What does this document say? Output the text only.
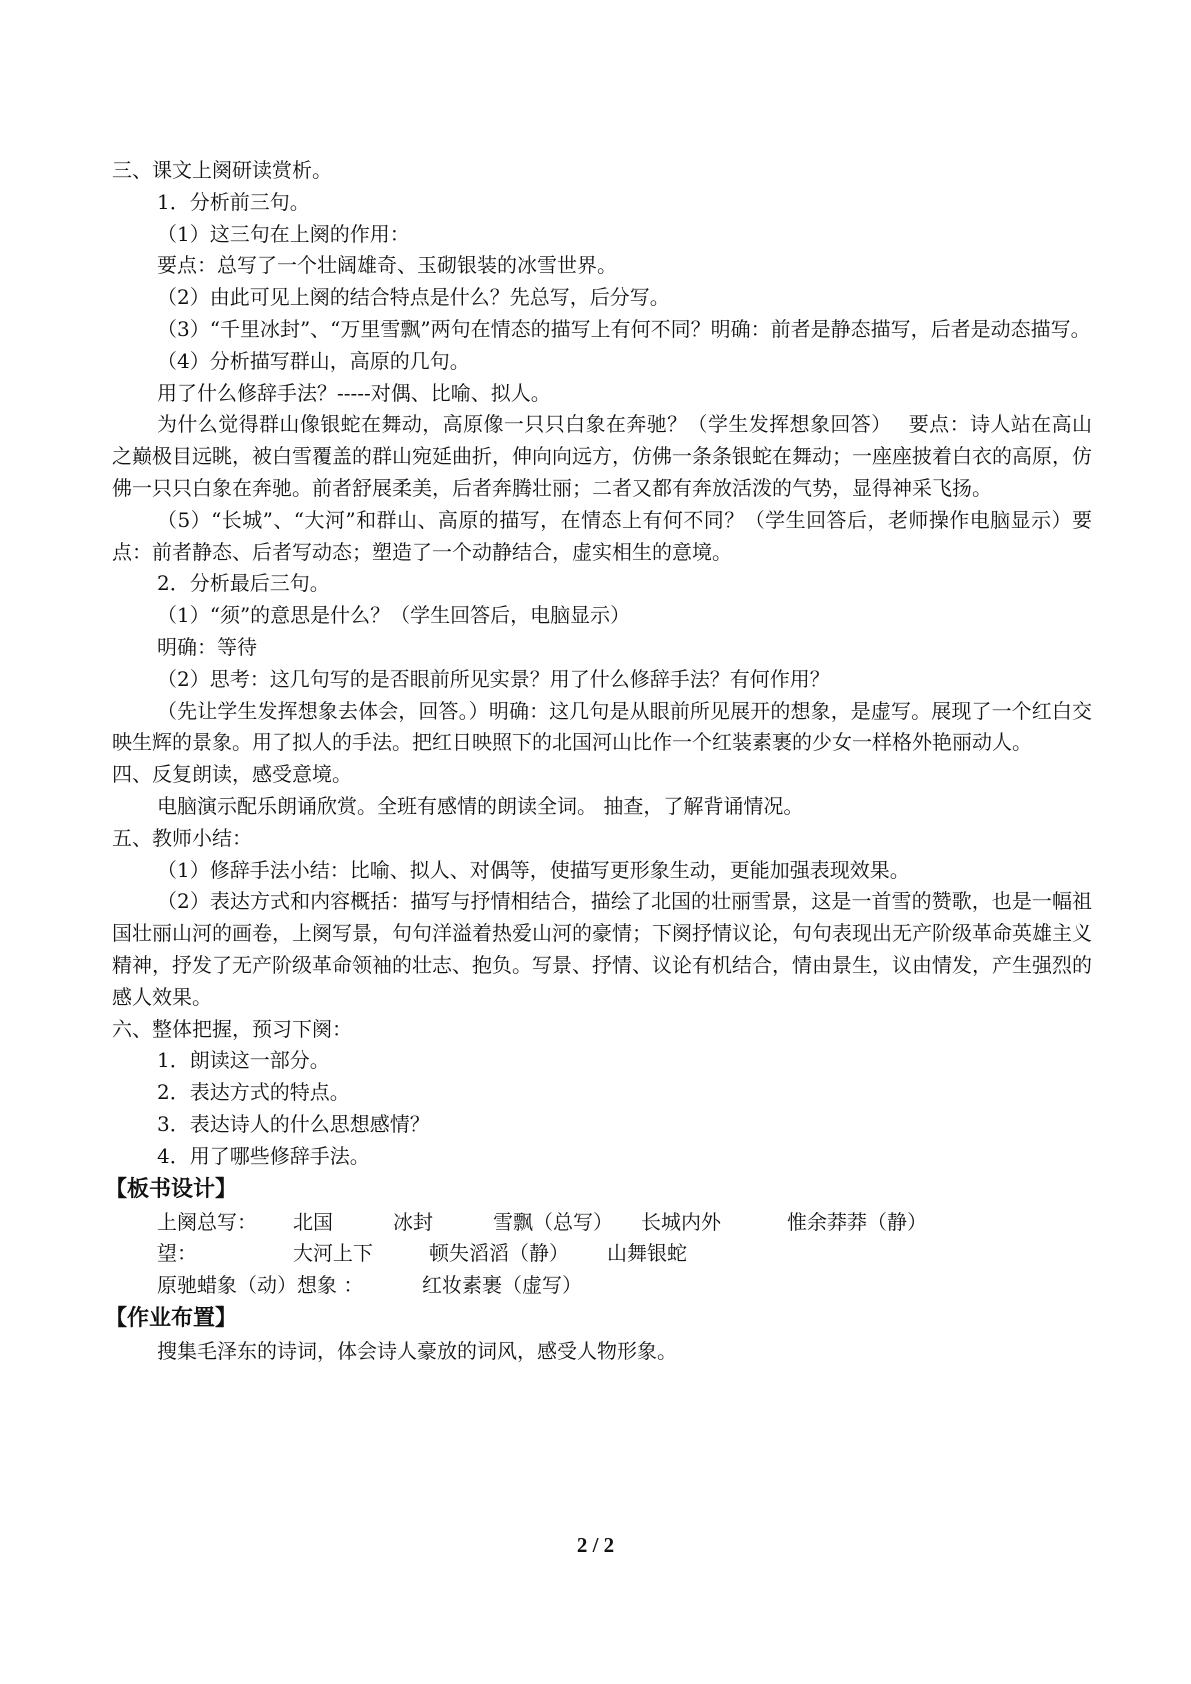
三、课文上阕研读赏析。
1．分析前三句。
（1）这三句在上阕的作用：
要点：总写了一个壮阔雄奇、玉砌银装的冰雪世界。
（2）由此可见上阕的结合特点是什么？先总写，后分写。
（3）“千里冰封”、“万里雪飘”两句在情态的描写上有何不同？明确：前者是静态描写，后者是动态描写。
（4）分析描写群山，高原的几句。
用了什么修辞手法？-----对偶、比喻、拟人。
为什么觉得群山像银蛇在舞动，高原像一只只白象在奔驰？（学生发挥想象回答）　 要点：诗人站在高山之巅极目远眺，被白雪覆盖的群山宛延曲折，伸向向远方，仿佛一条条银蛇在舞动；一座座披着白衣的高原，仿佛一只只白象在奔驰。前者舒展柔美，后者奔腾壮丽；二者又都有奔放活泼的气势，显得神采飞扬。
（5）“长城”、“大河”和群山、高原的描写，在情态上有何不同？（学生回答后，老师操作电脑显示）要点：前者静态、后者写动态；塑造了一个动静结合，虚实相生的意境。
2．分析最后三句。
（1）“须”的意思是什么？（学生回答后，电脑显示）
明确：等待
（2）思考：这几句写的是否眼前所见实景？用了什么修辞手法？有何作用？
（先让学生发挥想象去体会，回答。）明确：这几句是从眼前所见展开的想象，是虚写。展现了一个红白交映生辉的景象。用了拟人的手法。把红日映照下的北国河山比作一个红装素裹的少女一样格外艳丽动人。
四、反复朗读，感受意境。
电脑演示配乐朗诵欣赏。全班有感情的朗读全词。 抽查，了解背诵情况。
五、教师小结：
（1）修辞手法小结：比喻、拟人、对偶等，使描写更形象生动，更能加强表现效果。
（2）表达方式和内容概括：描写与抒情相结合，描绘了北国的壮丽雪景，这是一首雪的赞歌，也是一幅祖国壮丽山河的画卷，上阕写景，句句洋溢着热爱山河的豪情；下阕抒情议论，句句表现出无产阶级革命英雄主义精神，抒发了无产阶级革命领袖的壮志、抱负。写景、抒情、议论有机结合，情由景生，议由情发，产生强烈的感人效果。
六、整体把握，预习下阕：
1．朗读这一部分。
2．表达方式的特点。
3．表达诗人的什么思想感情？
4．用了哪些修辞手法。
【板书设计】
上阕总写：	北国	冰封	雪飘（总写）	长城内外	惟余莽莽（静）
望：	大河上下	顿失滔滔（静）	山舞银蛇
原驰蜡象（动）想象 ：	红妆素裹（虚写）
【作业布置】
搜集毛泽东的诗词，体会诗人豪放的词风，感受人物形象。
2 / 2
